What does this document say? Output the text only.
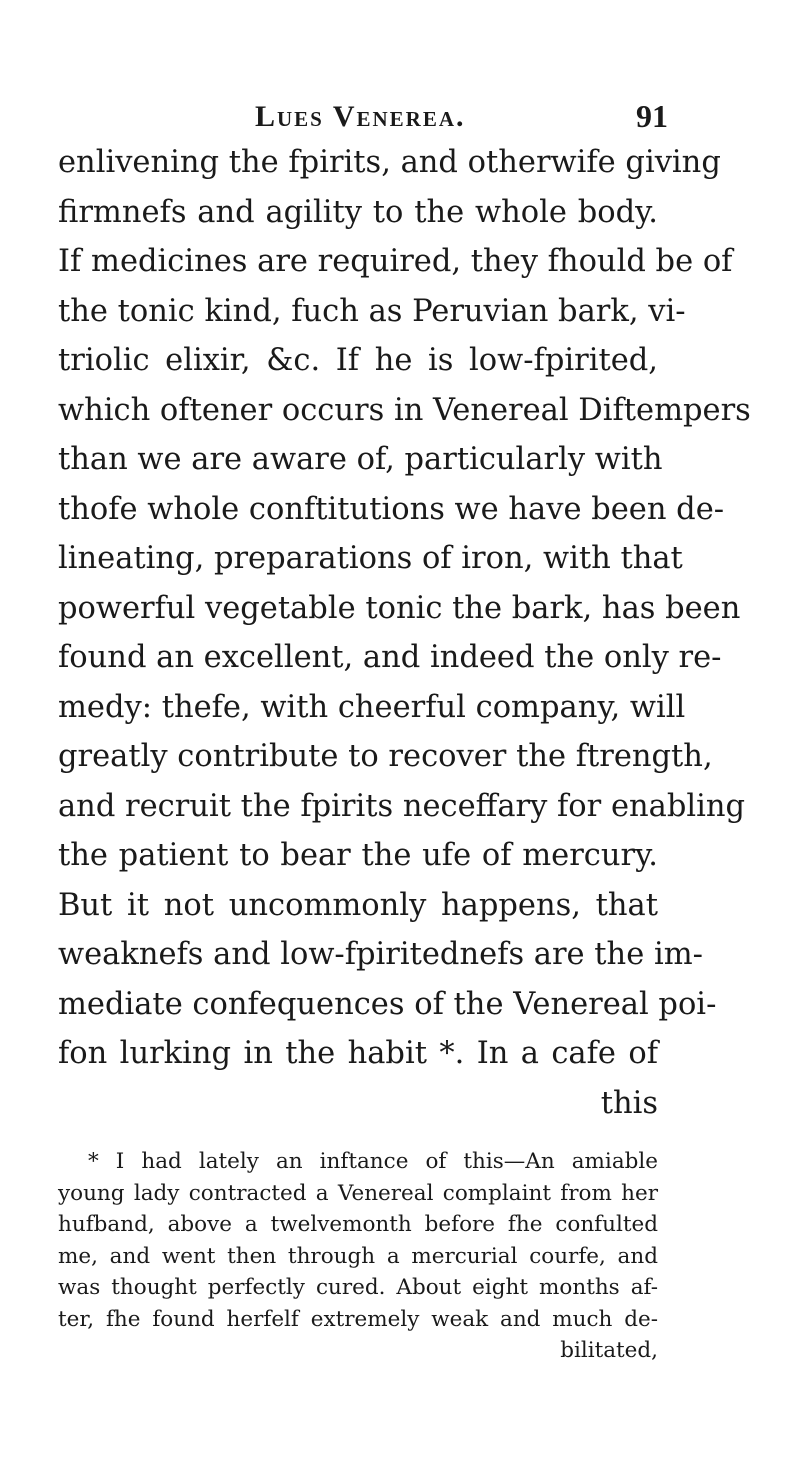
Lues Venerea.	91
enlivening the fpirits, and otherwife giving
firmnefs and agility to the whole body.
If medicines are required, they fhould be of
the tonic kind, fuch as Peruvian bark, vi-
triolic elixir, &c. If he is low-fpirited,
which oftener occurs in Venereal Diftempers
than we are aware of, particularly with
thofe whole conftitutions we have been de-
lineating, preparations of iron, with that
powerful vegetable tonic the bark, has been
found an excellent, and indeed the only re-
medy: thefe, with cheerful company, will
greatly contribute to recover the ftrength,
and recruit the fpirits neceffary for enabling
the patient to bear the ufe of mercury.
But it not uncommonly happens, that
weaknefs and low-fpiritednefs are the im-
mediate confequences of the Venereal poi-
fon lurking in the habit *. In a cafe of
this
* I had lately an inftance of this—An amiable
young lady contracted a Venereal complaint from her
hufband, above a twelvemonth before fhe confulted
me, and went then through a mercurial courfe, and
was thought perfectly cured. About eight months af-
ter, fhe found herfelf extremely weak and much de-
bilitated,
